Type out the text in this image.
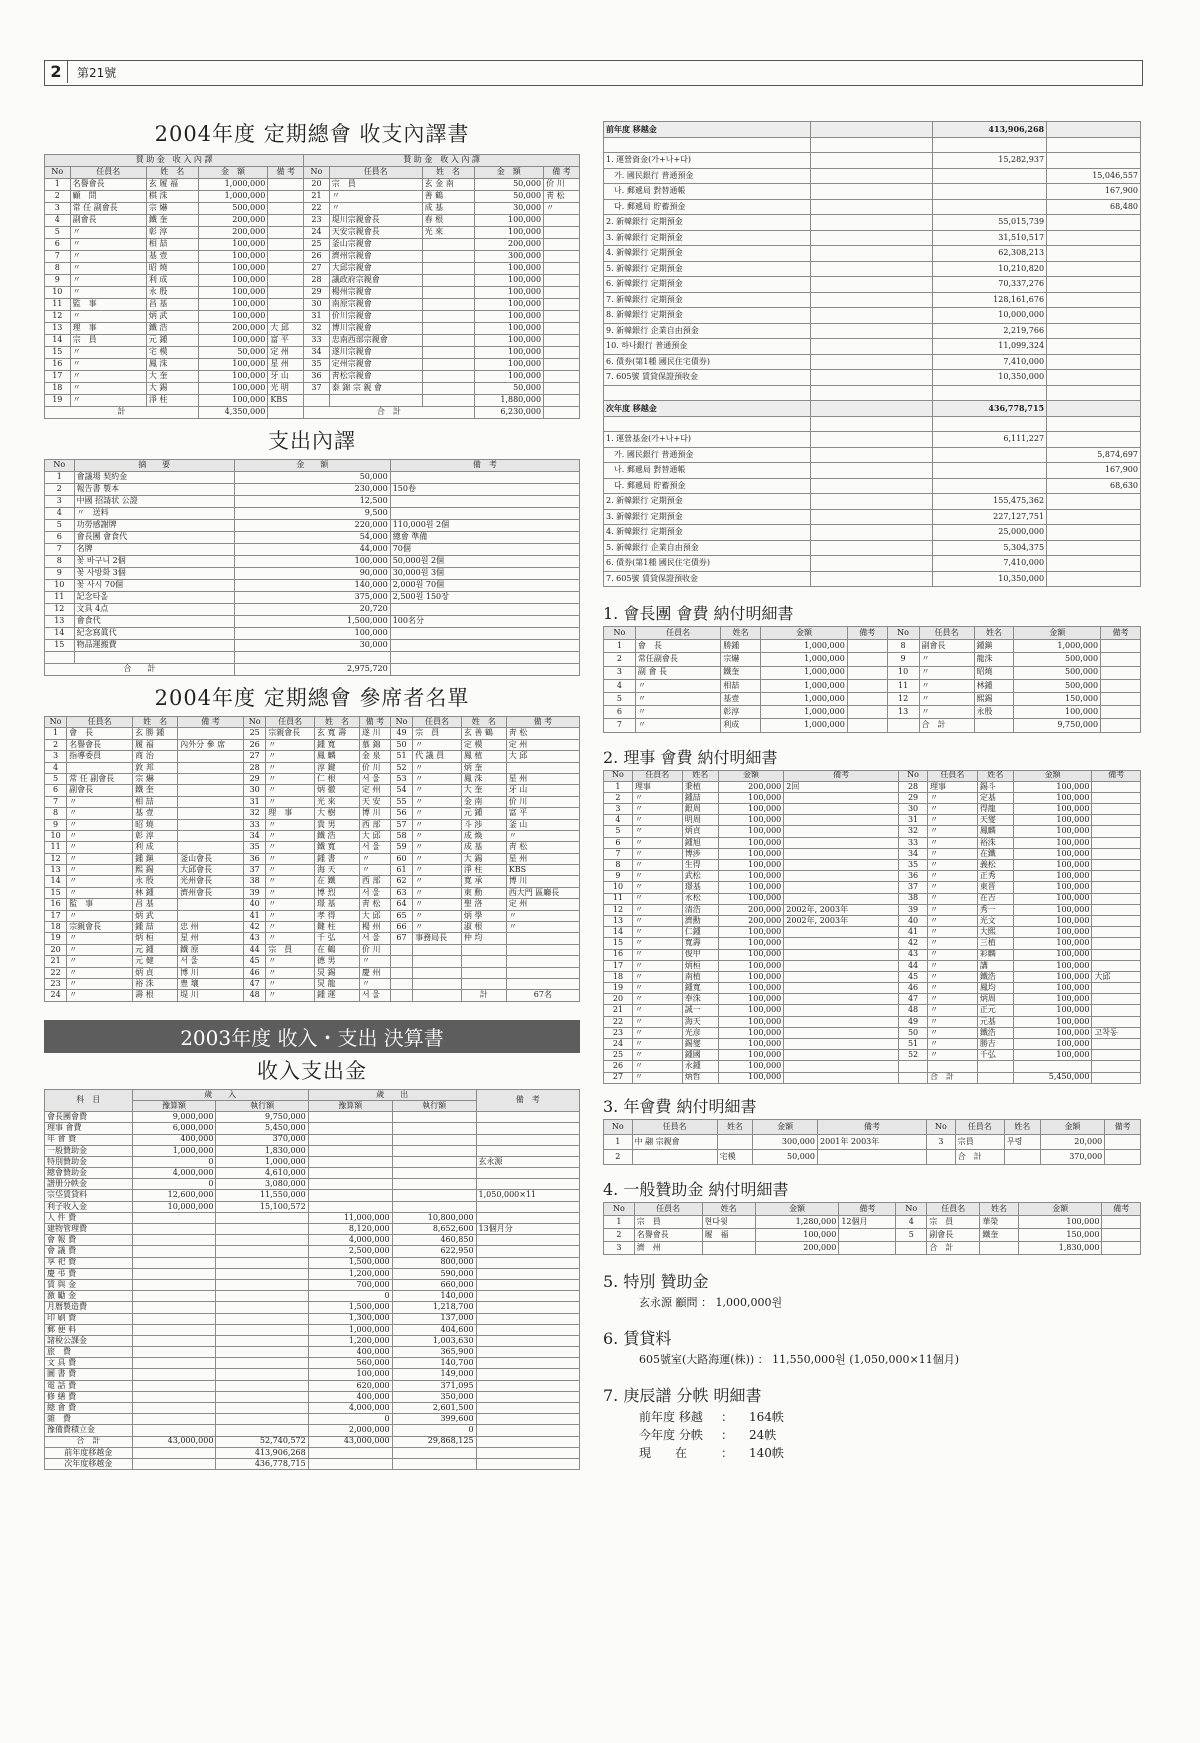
2 第21號
2004年度 定期總會 收支內譯書
賛 助 金　收 入 內 譯					賛 助 金　收 入 內 譯				
No	任員名	姓　名	金　額	備 考	No	任員名	姓　名	金　額	備 考
1	名譽會長	玄 履 福	1,000,000		20	宗　員	玄 金 南	50,000	价 川
2	顧　問	棋 洙	1,000,000		21	〃	善 鶴	50,000	靑 松
3	常 任 副會長	宗 爀	500,000		22	〃	成 基	30,000	〃
4	副會長	鐵 奎	200,000		23	堤川宗親會長	春 根	100,000	
5	〃	彰 淳	200,000		24	天安宗親會長	光 來	100,000	
6	〃	相 喆	100,000		25	釜山宗親會		200,000	
7	〃	基 壹	100,000		26	濟州宗親會		300,000	
8	〃	昭 燒	100,000		27	大邱宗親會		100,000	
9	〃	利 成	100,000		28	議政府宗親會		100,000	
10	〃	永 殷	100,000		29	楊州宗親會		100,000	
11	監　事	昌 基	100,000		30	南原宗親會		100,000	
12	〃	炳 武	100,000		31	价川宗親會		100,000	
13	理　事	鐵 浩	200,000	大 邱	32	博川宗親會		100,000	
14	宗　員	元 鍾	100,000	富 平	33	忠南西部宗親會		100,000	
15	〃	宅 模	50,000	定 州	34	遂川宗親會		100,000	
16	〃	鳳 洙	100,000	星 州	35	定州宗親會		100,000	
17	〃	大 奎	100,000	牙 山	36	靑松宗親會		100,000	
18	〃	大 錫	100,000	光 明	37	泰 錦 宗 親 會		50,000	
19	〃	淨 柱	100,000	KBS				1,880,000	
計			4,350,000		合　計			6,230,000	
支出內譯
No	摘　　要	金　　額	備　考
1	會議場 契約金	50,000	
2	報告書 製本	230,000	150卷
3	中國 招請状 公證	12,500	
4	〃　送料	9,500	
5	功勞感謝牌	220,000	110,000원 2個
6	會長團 會食代	54,000	總會 準備
7	名牌	44,000	70個
8	꽃 바구니 2個	100,000	50,000원 2個
9	꽃 사방화 3個	90,000	30,000원 3個
10	꽃 사시 70個	140,000	2,000원 70個
11	記念타올	375,000	2,500원 150장
12	文具 4点	20,720	
13	會食代	1,500,000	100名分
14	紀念寫眞代	100,000	
15	物品運搬費	30,000	

合　　計		2,975,720	
2004年度 定期總會 參席者名單
No	任員名	姓　名	備 考	No	任員名	姓　名	備 考	No	任員名	姓　名	備 考
1	會　長	玄 勝 鍾		25	宗親會長	玄 寬 壽	遂 川	49	宗　員	玄 善 鶴	靑 松
2	名譽會長	履 福	內外分 參 席	26	〃	鍾 寬	慕 錦	50	〃	定 模	定 州
3	指導委員	商 治		27	〃	鳳 麟	金 泉	51	代 議 員	鳳 植	大 邱
4		敦 邦		28	〃	淳 鍵	价 川	52	〃	炳 奎	
5	常 任 副會長	宗 爀		29	〃	仁 根	서 울	53	〃	鳳 洙	星 州
6	副會長	鐵 奎		30	〃	炳 徹	定 州	54	〃	大 奎	牙 山
7	〃	相 喆		31	〃	光 來	天 安	55	〃	金 南	价 川
8	〃	基 壹		32	理　事	大 樹	博 川	56	〃	元 鍾	富 平
9	〃	昭 燒		33	〃	貴 男	西 部	57	〃	斗 渉	釜 山
10	〃	彰 淳		34	〃	鐵 浩	大 邱	58	〃	成 煥	〃
11	〃	利 成		35	〃	鐵 寬	서 울	59	〃	成 基	靑 松
12	〃	鍾 鎭	釜山會長	36	〃	鍾 書	〃	60	〃	大 錫	星 州
13	〃	熙 錫	大邱會長	37	〃	海 天	〃	61	〃	淨 柱	KBS
14	〃	永 殷	光州會長	38	〃	在 鐵	西 部	62	〃	寬 承	博 川
15	〃	林 鍾	濟州會長	39	〃	博 烈	서 울	63	〃	東 勳	西大門 區廳長
16	監　事	昌 基		40	〃	璟 基	靑 松	64	〃	聖 洛	定 州
17	〃	炳 武		41	〃	孝 得	大 邱	65	〃	炳 學	〃
18	宗親會長	鍾 喆	忠 州	42	〃	鍵 柱	楊 州	66	〃	淑 根	〃
19	〃	炳 桓	星 州	43	〃	千 弘	서 울	67	事務局長	仲 均	
20	〃	元 鍾	鐵 原	44	宗　員	在 鶴	价 川				
21	〃	元 健	서 울	45	〃	德 男	〃				
22	〃	炳 貞	博 川	46	〃	炅 錫	慶 州				
23	〃	裕 洙	豊 壤	47	〃	炅 龍	〃				
24	〃	壽 根	堤 川	48	〃	鍾 運	서 울			計	67名
2003年度 收入・支出 決算書
收入支出金
科　目	歲　　入		歲　　出		備　考
	豫算額	執行額	豫算額	執行額	
會長團會費	9,000,000	9,750,000			
理事 會費	6,000,000	5,450,000			
年 會 費	400,000	370,000			
一般贊助金	1,000,000	1,830,000			
特別贊助金	0	1,000,000			玄永源
總會贊助金	4,000,000	4,610,000			
譜册分帙金	0	3,080,000			
宗垈賃貸料	12,600,000	11,550,000			1,050,000×11
利子收入金	10,000,000	15,100,572			
人 件 費			11,000,000	10,800,000	
建物管理費			8,120,000	8,652,600	13個月分
會 報 費			4,000,000	460,850	
會 議 費			2,500,000	622,950	
享 祀 費			1,500,000	800,000	
慶 弔 費			1,200,000	590,000	
賃 與 金			700,000	660,000	
激 勵 金			0	140,000	
月曆製造費			1,500,000	1,218,700	
印 刷 費			1,300,000	137,000	
郵 便 料			1,000,000	404,600	
諸稅公課金			1,200,000	1,003,630	
旅　費			400,000	365,900	
文 具 費			560,000	140,700	
圖 書 費			100,000	149,000	
電 話 費			620,000	371,095	
修 繕 費			400,000	350,000	
總 會 費			4,000,000	2,601,500	
雜　費			0	399,600	
豫備費積立金			2,000,000	0	
合　計	43,000,000	52,740,572	43,000,000	29,868,125	
前年度移越金		413,906,268			
次年度移越金		436,778,715			
前年度 移越金		413,906,268	

1. 運營資金(가+나+다)		15,282,937	
　가. 國民銀行 普通預金			15,046,557
　나. 郵遞局 對替通帳			167,900
　다. 郵遞局 貯蓄預金			68,480
2. 新韓銀行 定期預金		55,015,739	
3. 新韓銀行 定期預金		31,510,517	
4. 新韓銀行 定期預金		62,308,213	
5. 新韓銀行 定期預金		10,210,820	
6. 新韓銀行 定期預金		70,337,276	
7. 新韓銀行 定期預金		128,161,676	
8. 新韓銀行 定期預金		10,000,000	
9. 新韓銀行 企業自由預金		2,219,766	
10. 하나銀行 普通預金		11,099,324	
6. 債券(第1種 國民住宅債券)		7,410,000	
7. 605號 賃貸保證預收金		10,350,000	

次年度 移越金		436,778,715	

1. 運營基金(가+나+다)		6,111,227	
　가. 國民銀行 普通預金			5,874,697
　나. 郵遞局 對替通帳			167,900
　다. 郵遞局 貯蓄預金			68,630
2. 新韓銀行 定期預金		155,475,362	
3. 新韓銀行 定期預金		227,127,751	
4. 新韓銀行 定期預金		25,000,000	
5. 新韓銀行 企業自由預金		5,304,375	
6. 債券(第1種 國民住宅債券)		7,410,000	
7. 605號 賃貸保證預收金		10,350,000	
1. 會長團 會費 納付明細書
No	任員名	姓名	金額	備考	No	任員名	姓名	金額	備考
1	會　長	勝鍾	1,000,000		8	副會長	鍾鎭	1,000,000	
2	常任副會長	宗爀	1,000,000		9	〃	龍洙	500,000	
3	副 會 長	鐵奎	1,000,000		10	〃	昭燒	500,000	
4	〃	相喆	1,000,000		11	〃	林鍾	500,000	
5	〃	基壹	1,000,000		12	〃	熙錫	150,000	
6	〃	彰淳	1,000,000		13	〃	永殷	100,000	
7	〃	利成	1,000,000			合　計		9,750,000	
2. 理事 會費 納付明細書
No	任員名	姓名	金額	備考	No	任員名	姓名	金額	備考
1	理事	秉植	200,000	2回	28	理事	錫斗	100,000	
2	〃	鍾喆	100,000		29	〃	定基	100,000	
3	〃	銀周	100,000		30	〃	得龍	100,000	
4	〃	明周	100,000		31	〃	天燮	100,000	
5	〃	炳貞	100,000		32	〃	鳳麟	100,000	
6	〃	鍾旭	100,000		33	〃	裕洙	100,000	
7	〃	博涉	100,000		34	〃	在鐵	100,000	
8	〃	生得	100,000		35	〃	義松	100,000	
9	〃	武松	100,000		36	〃	正秀	100,000	
10	〃	璟基	100,000		37	〃	東晋	100,000	
11	〃	永松	100,000		38	〃	在吉	100,000	
12	〃	清浩	200,000	2002年, 2003年	39	〃	秀一	100,000	
13	〃	濟勳	200,000	2002年, 2003年	40	〃	光文	100,000	
14	〃	仁鍾	100,000		41	〃	大熙	100,000	
15	〃	寬壽	100,000		42	〃	三植	100,000	
16	〃	俊甲	100,000		43	〃	彩麟	100,000	
17	〃	炳桓	100,000		44	〃	講	100,000	
18	〃	南植	100,000		45	〃	鐵浩	100,000	大邱
19	〃	鍾寬	100,000		46	〃	鳳均	100,000	
20	〃	奉洙	100,000		47	〃	炳周	100,000	
21	〃	誠一	100,000		48	〃	正元	100,000	
22	〃	海天	100,000		49	〃	元基	100,000	
23	〃	光彦	100,000		50	〃	鐵浩	100,000	고착동
24	〃	錫燮	100,000		51	〃	勝吉	100,000	
25	〃	鍾國	100,000		52	〃	千弘	100,000	
26	〃	永鍾	100,000						
27	〃	炳哲	100,000			合　計		5,450,000	
3. 年會費 納付明細書
No	任員名	姓名	金額	備考	No	任員名	姓名	金額	備考
1	中 翮 宗親會		300,000	2001年 2003年	3	宗員	무령	20,000	
2		宅模	50,000			合　計		370,000	
4. 一般贊助金 納付明細書
No	任員名	姓名	金額	備考	No	任員名	姓名	金額	備考
1	宗　員	현다윗	1,280,000	12個月	4	宗　員	華榮	100,000	
2	名譽會長	履　福	100,000		5	副會長	鐵奎	150,000	
3	濟　州		200,000			合　計		1,830,000	
5. 特別 贊助金
玄永源 顧問 ： 1,000,000원
6. 賃貸料
605號室(大路海運(株)) ： 11,550,000원 (1,050,000×11個月)
7. 庚辰譜 分帙 明細書
前年度 移越 ： 164帙
今年度 分帙 ： 24帙
現　　在	： 140帙
